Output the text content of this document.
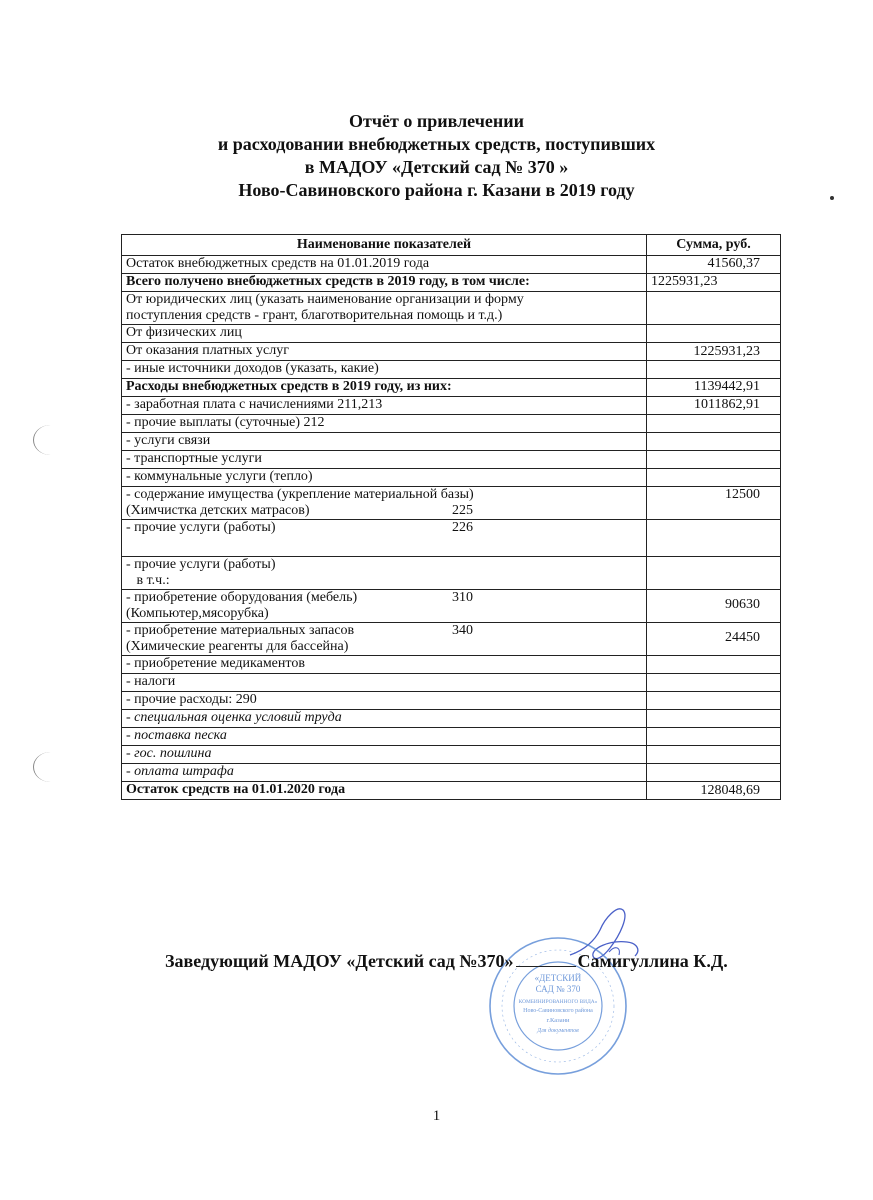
Отчёт о привлечении
и расходовании внебюджетных средств, поступивших
в МАДОУ «Детский сад № 370 »
Ново-Савиновского района г. Казани в 2019 году
Наименование показателей	Сумма, руб.
Остаток внебюджетных средств на 01.01.2019 года	41560,37
Всего получено внебюджетных средств в 2019 году, в том числе:	1225931,23

От юридических лиц (указать наименование организации и форму
поступления средств - грант, благотворительная помощь и т.д.)	

От физических лиц	
От оказания платных услуг	1225931,23
- иные источники доходов (указать, какие)	
Расходы внебюджетных средств в 2019 году, из них:	1139442,91
- заработная плата с начислениями 211,213	1011862,91
- прочие выплаты (суточные) 212	
- услуги связи	
- транспортные услуги	
- коммунальные услуги (тепло)	

- содержание имущества (укрепление материальной базы)
(Химчистка детских матрасов) 225	12500

- прочие услуги (работы) 226	

- прочие услуги (работы)
в т.ч.:	

- приобретение оборудования (мебель) 310
(Компьютер,мясорубка)	90630

- приобретение материальных запасов 340
(Химические реагенты для бассейна)	24450
- приобретение медикаментов	
- налоги	
- прочие расходы: 290	
- специальная оценка условий труда	
- поставка песка	
- гос. пошлина	
- оплата штрафа	
Остаток средств на 01.01.2020 года	128048,69
«ДЕТСКИЙ
САД № 370
КОМБИНИРОВАННОГО ВИДА»
Ново-Савиновского района
г.Казани
Для документов
Заведующий МАДОУ «Детский сад №370»	Самигуллина К.Д.
1
